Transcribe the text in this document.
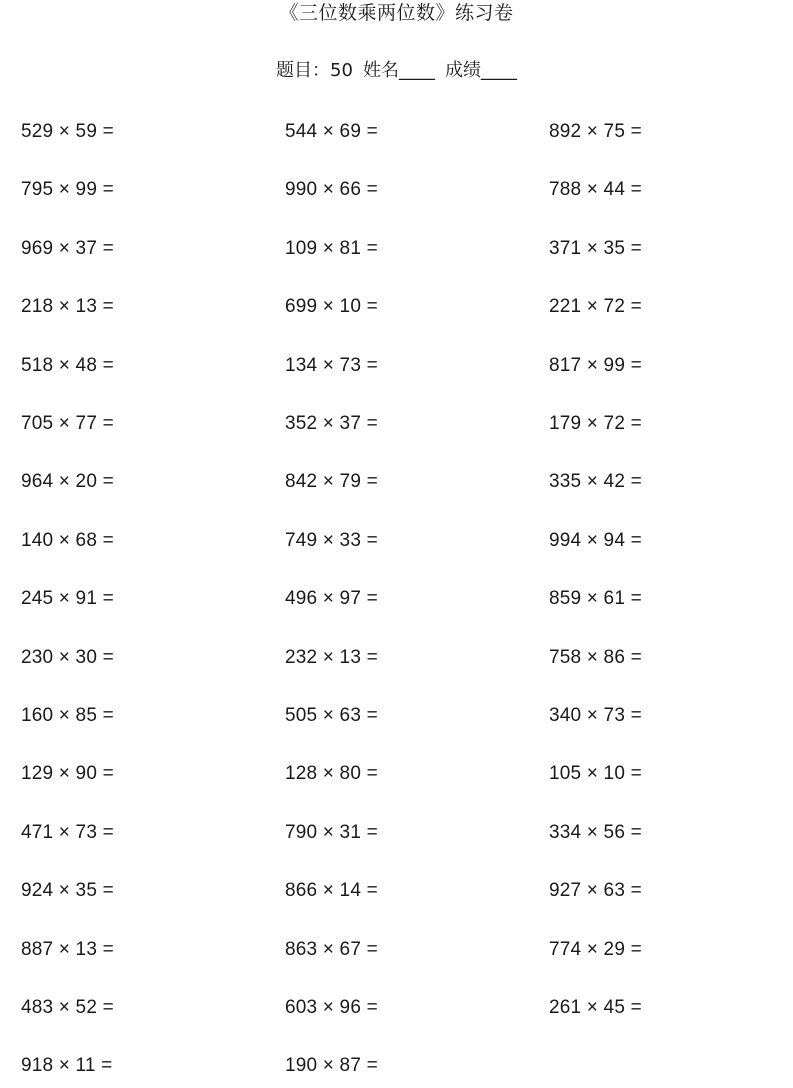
《三位数乘两位数》练习卷
题目：50 姓名____ 成绩____
529 × 59 =	544 × 69 =	892 × 75 =
795 × 99 =	990 × 66 =	788 × 44 =
969 × 37 =	109 × 81 =	371 × 35 =
218 × 13 =	699 × 10 =	221 × 72 =
518 × 48 =	134 × 73 =	817 × 99 =
705 × 77 =	352 × 37 =	179 × 72 =
964 × 20 =	842 × 79 =	335 × 42 =
140 × 68 =	749 × 33 =	994 × 94 =
245 × 91 =	496 × 97 =	859 × 61 =
230 × 30 =	232 × 13 =	758 × 86 =
160 × 85 =	505 × 63 =	340 × 73 =
129 × 90 =	128 × 80 =	105 × 10 =
471 × 73 =	790 × 31 =	334 × 56 =
924 × 35 =	866 × 14 =	927 × 63 =
887 × 13 =	863 × 67 =	774 × 29 =
483 × 52 =	603 × 96 =	261 × 45 =
918 × 11 =	190 × 87 =
